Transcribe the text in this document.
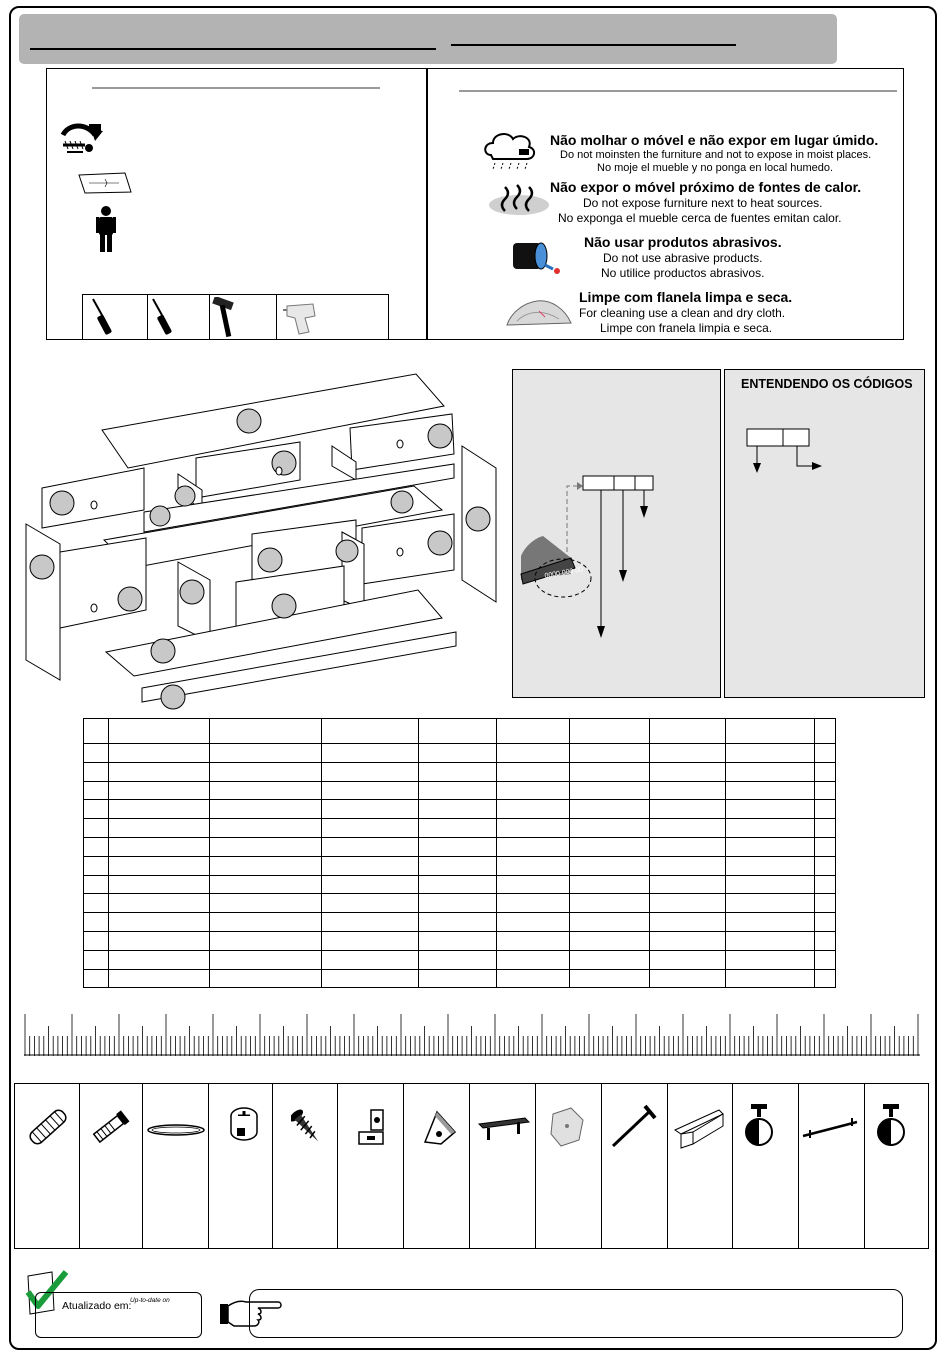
Não molhar o móvel e não expor em lugar úmido.
Do not moinsten the furniture and not to expose in moist places.
No moje el mueble y no ponga en local humedo.
Não expor o móvel próximo de fontes de calor.
Do not expose furniture next to heat sources.
No exponga el mueble cerca de fuentes emitan calor.
Não usar produtos abrasivos.
Do not use abrasive products.
No utilice productos abrasivos.
Limpe com flanela limpa e seca.
For cleaning use a clean and dry cloth.
Limpe con franela limpia e seca.
0000 000 00
ENTENDENDO OS CÓDIGOS

Atualizado em:
Up-to-date on
